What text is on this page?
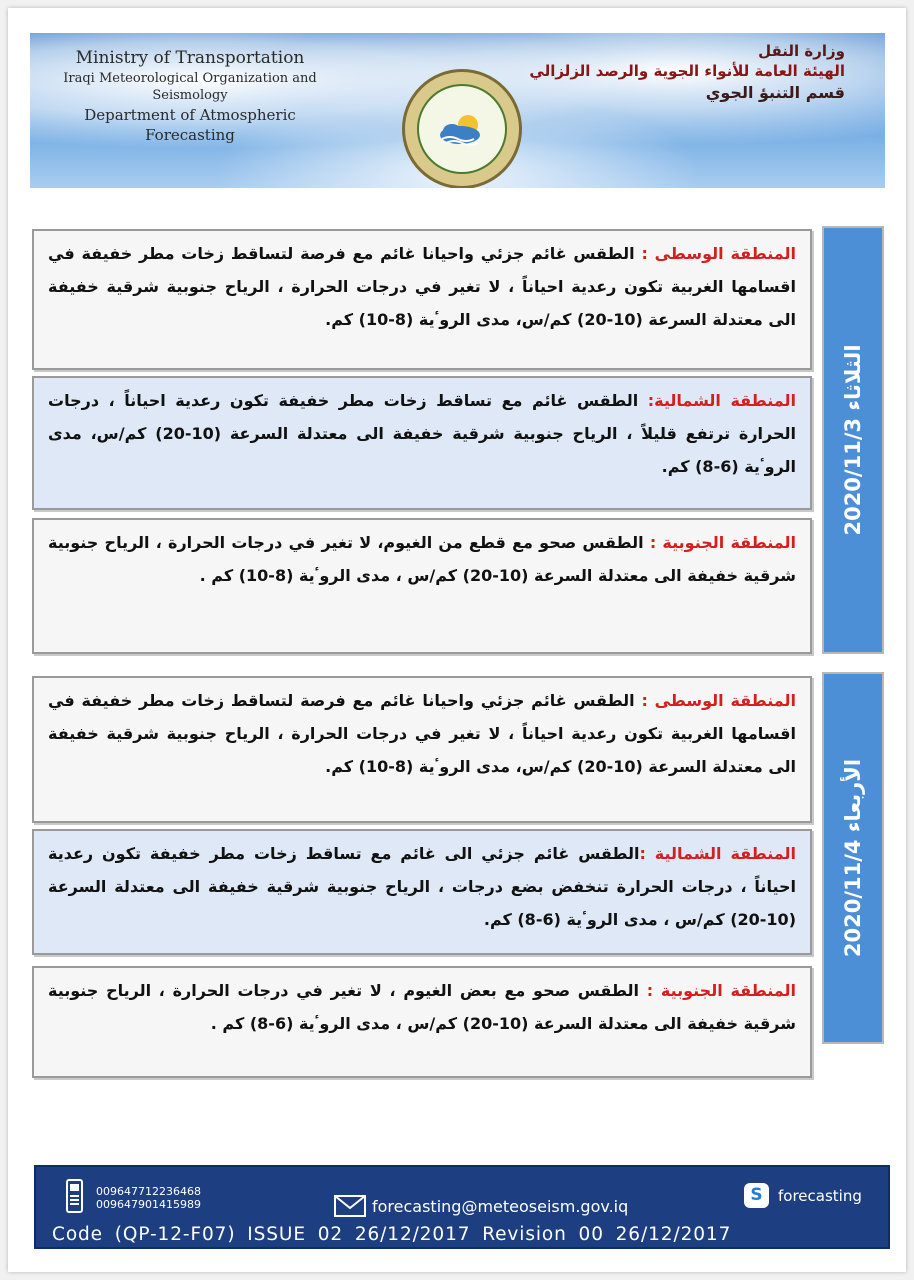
Ministry of Transportation
Iraqi Meteorological Organization and Seismology
Department of Atmospheric Forecasting
وزارة النقل
الهيئة العامة للأنواء الجوية والرصد الزلزالي
قسم التنبؤ الجوي
المنطقة الوسطى : الطقس غائم جزئي واحيانا غائم مع فرصة لتساقط زخات مطر خفيفة في اقسامها الغربية تكون رعدية احياناً ، لا تغير في درجات الحرارة ، الرياح جنوبية شرقية خفيفة الى معتدلة السرعة (10-20) كم/س، مدى الروٴية (8-10) كم.
المنطقة الشمالية: الطقس غائم مع تساقط زخات مطر خفيفة تكون رعدية احياناً ، درجات الحرارة ترتفع قليلاً ، الرياح جنوبية شرقية خفيفة الى معتدلة السرعة (10-20) كم/س، مدى الروٴية (6-8) كم.
المنطقة الجنوبية : الطقس صحو مع قطع من الغيوم، لا تغير في درجات الحرارة ، الرياح جنوبية شرقية خفيفة الى معتدلة السرعة (10-20) كم/س ، مدى الروٴية (8-10) كم .
الثلاثاء 2020/11/3
المنطقة الوسطى : الطقس غائم جزئي واحيانا غائم مع فرصة لتساقط زخات مطر خفيفة في اقسامها الغربية تكون رعدية احياناً ، لا تغير في درجات الحرارة ، الرياح جنوبية شرقية خفيفة الى معتدلة السرعة (10-20) كم/س، مدى الروٴية (8-10) كم.
المنطقة الشمالية :الطقس غائم جزئي الى غائم مع تساقط زخات مطر خفيفة تكون رعدية احياناً ، درجات الحرارة تنخفض بضع درجات ، الرياح جنوبية شرقية خفيفة الى معتدلة السرعة (10-20) كم/س ، مدى الروٴية (6-8) كم.
المنطقة الجنوبية : الطقس صحو مع بعض الغيوم ، لا تغير في درجات الحرارة ، الرياح جنوبية شرقية خفيفة الى معتدلة السرعة (10-20) كم/س ، مدى الروٴية (6-8) كم .
الأربعاء 2020/11/4
009647712236468
009647901415989	forecasting@meteoseism.gov.iq
S	forecasting
Code (QP-12-F07) ISSUE 02 26/12/2017 Revision 00 26/12/2017
